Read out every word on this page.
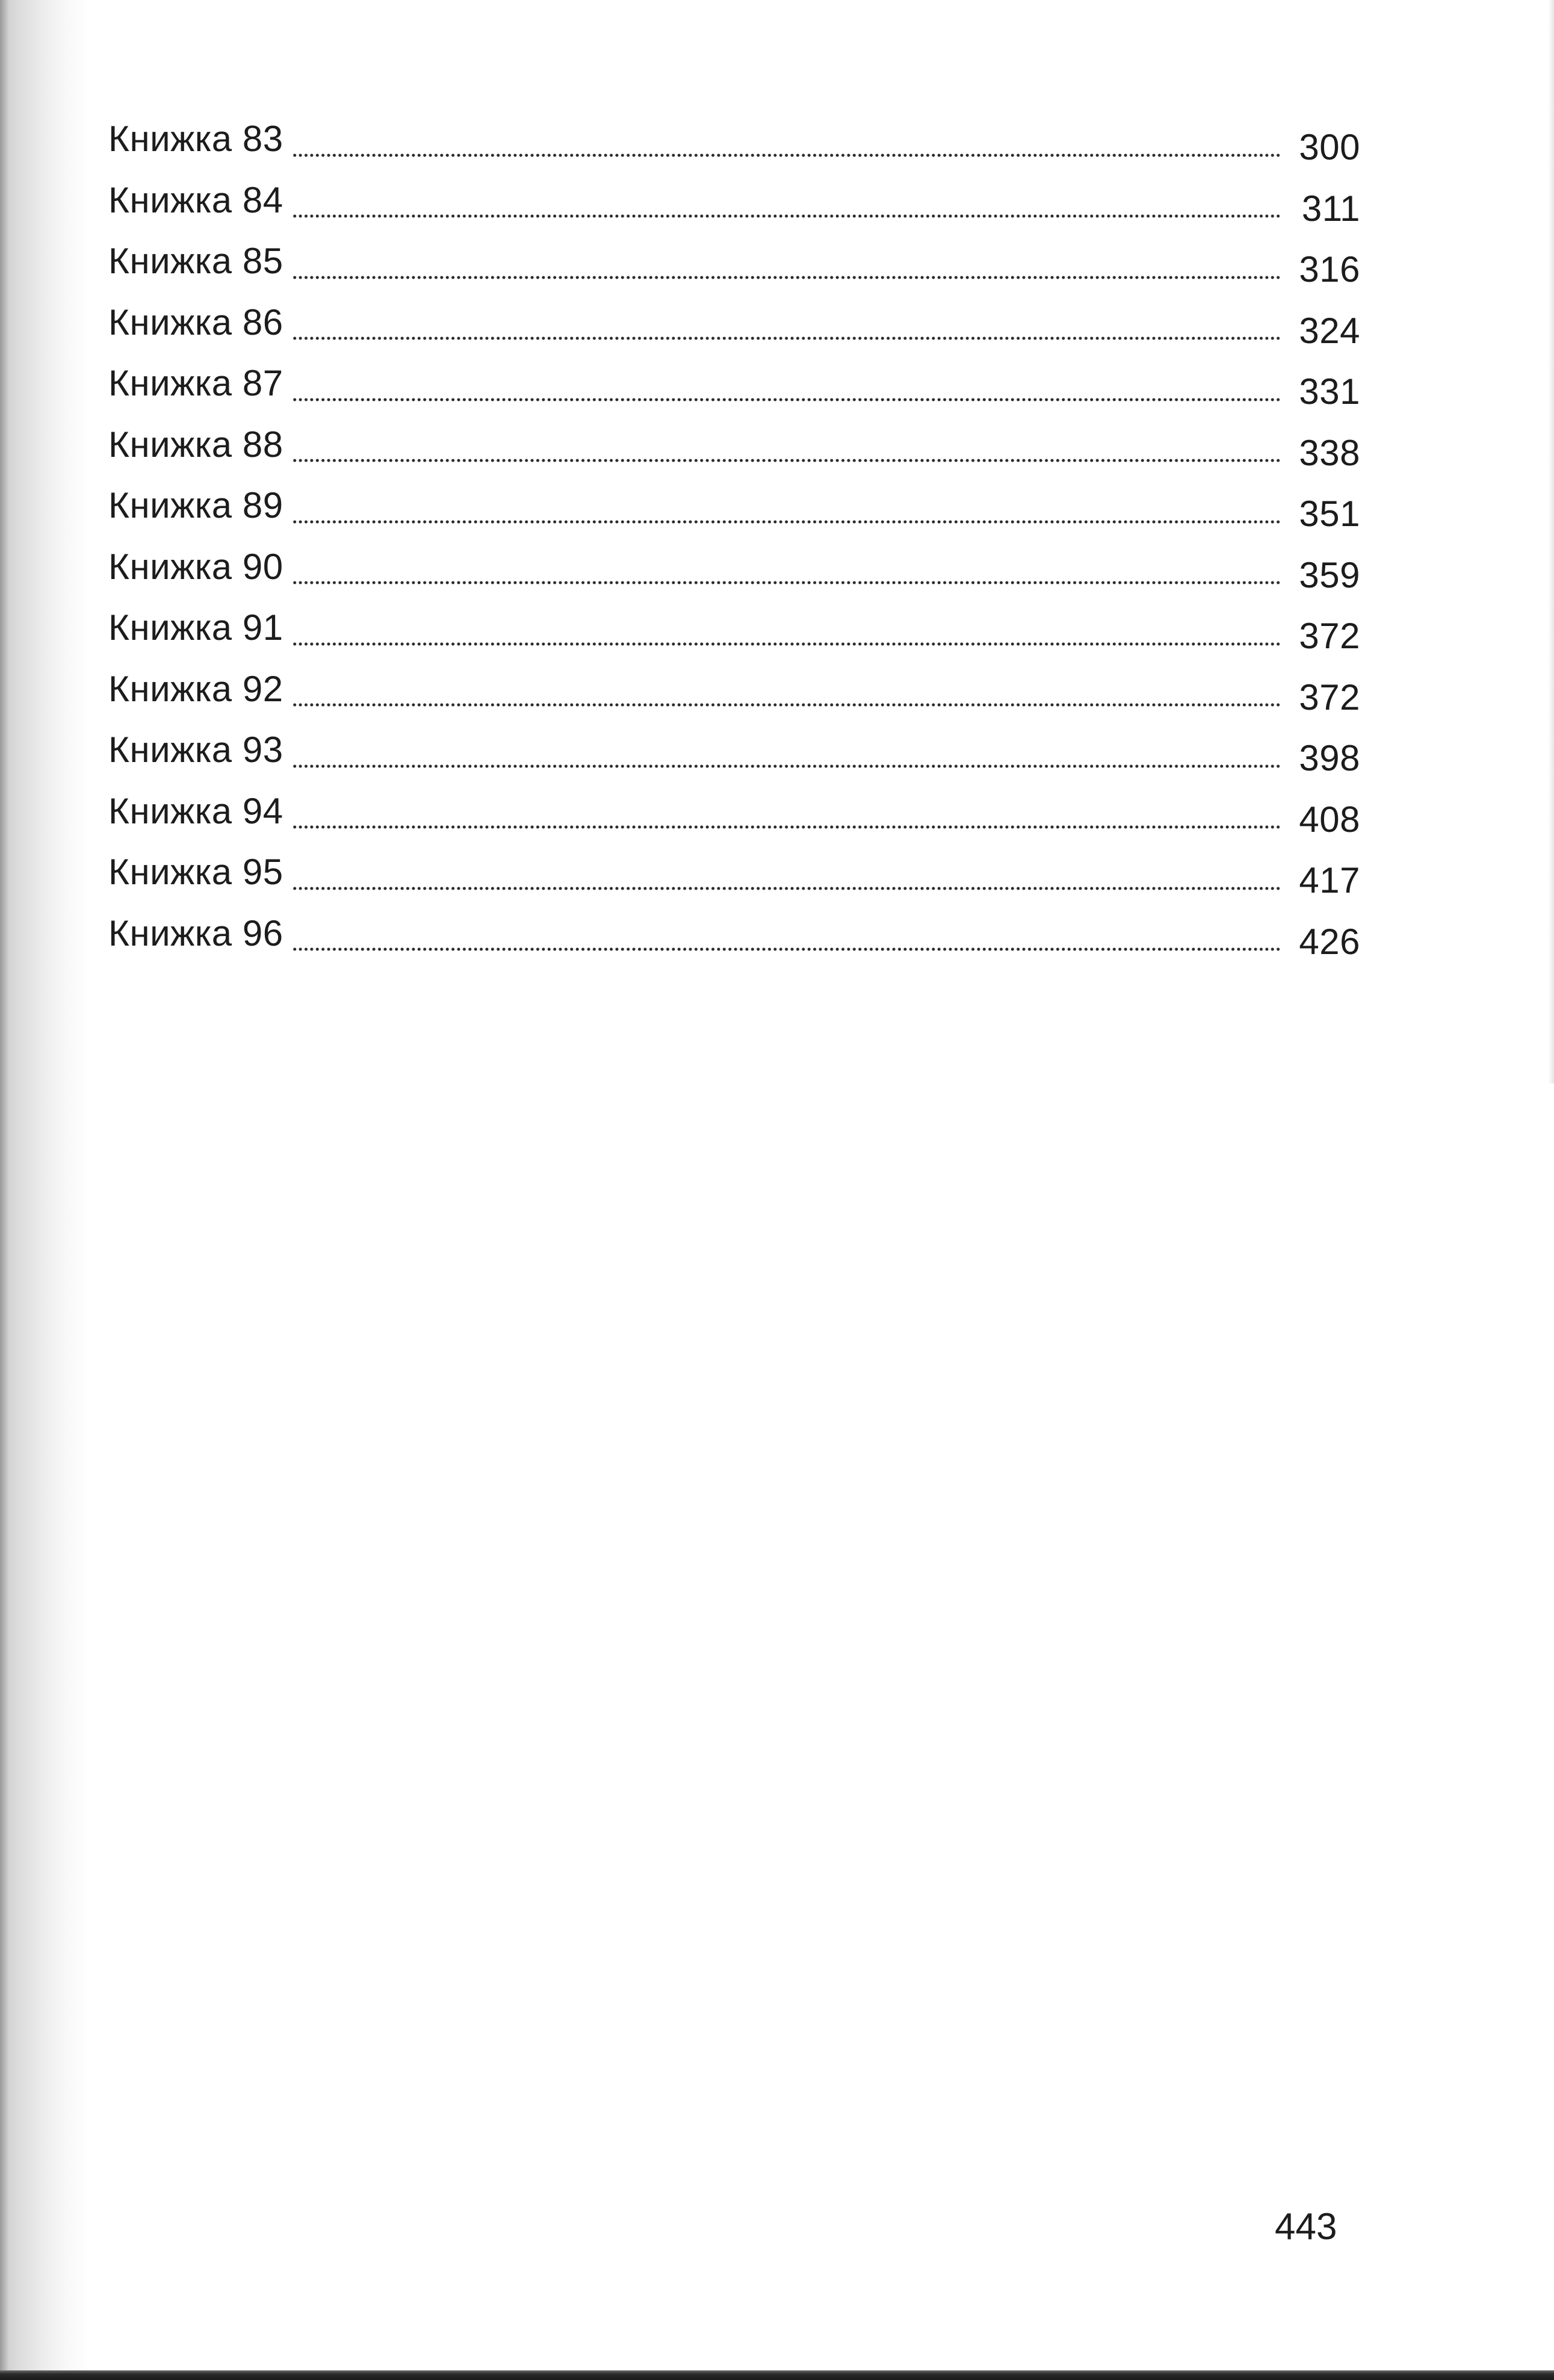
Книжка 83	300
Книжка 84	311
Книжка 85	316
Книжка 86	324
Книжка 87	331
Книжка 88	338
Книжка 89	351
Книжка 90	359
Книжка 91	372
Книжка 92	372
Книжка 93	398
Книжка 94	408
Книжка 95	417
Книжка 96	426
443
